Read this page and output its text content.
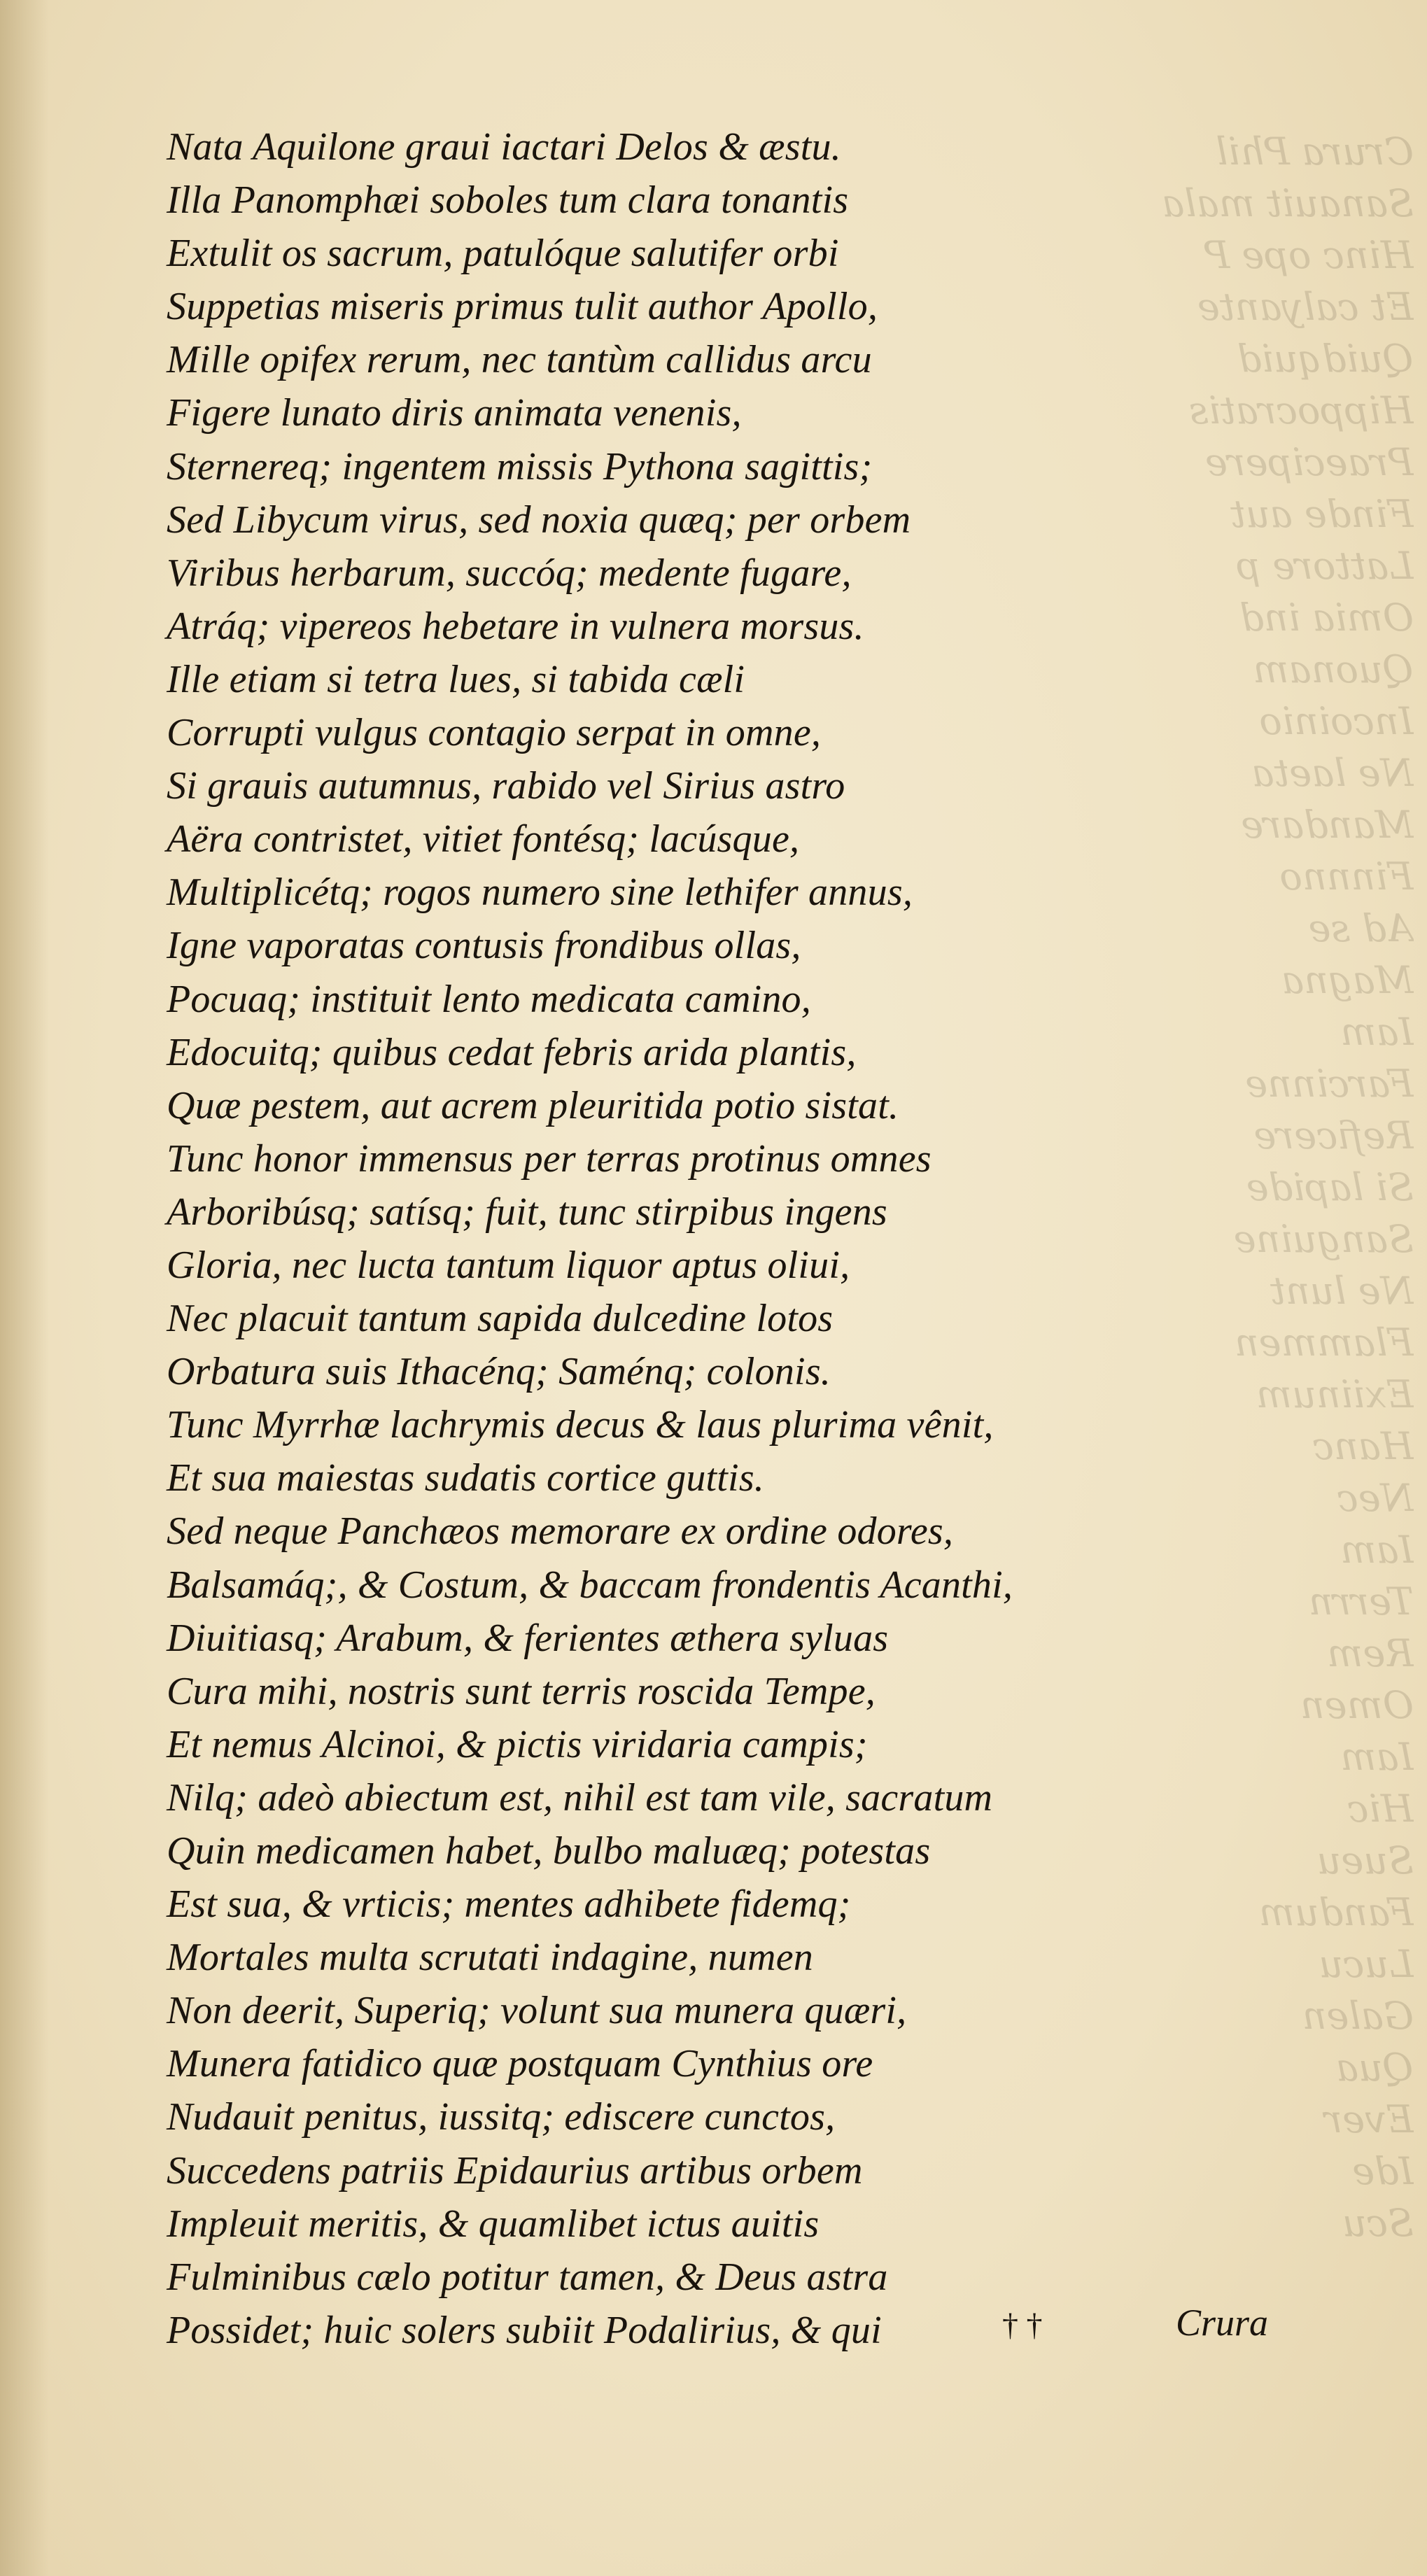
Crura Phil
Sanauit mala
Hinc ope P
Et calyante
Quidquid
Hippocratis
Praecipere
Finde aut
Lattore p
Omia ind
Quonam
Incoinio
Ne laeta
Mandare
Finnno
Ad se
Magna
Iam
Farcinne
Reficere
Si lapide
Sanguine
Ne lunt
Flammen
Exiinum
Hanc
Nec
Iam
Terrn
Rem
Omen
Iam
Hic
Sueu
Fandum
Lucu
Galen
Qua
Ever
Ide
Scu
Nata Aquilone graui iactari Delos & æstu.
Illa Panomphæi soboles tum clara tonantis
Extulit os sacrum, patulóque salutifer orbi
Suppetias miseris primus tulit author Apollo,
Mille opifex rerum, nec tantùm callidus arcu
Figere lunato diris animata venenis,
Sternereq; ingentem missis Pythona sagittis;
Sed Libycum virus, sed noxia quæq; per orbem
Viribus herbarum, succóq; medente fugare,
Atráq; vipereos hebetare in vulnera morsus.
Ille etiam si tetra lues, si tabida cæli
Corrupti vulgus contagio serpat in omne,
Si grauis autumnus, rabido vel Sirius astro
Aëra contristet, vitiet fontésq; lacúsque,
Multiplicétq; rogos numero sine lethifer annus,
Igne vaporatas contusis frondibus ollas,
Pocuaq; instituit lento medicata camino,
Edocuitq; quibus cedat febris arida plantis,
Quæ pestem, aut acrem pleuritida potio sistat.
Tunc honor immensus per terras protinus omnes
Arboribúsq; satísq; fuit, tunc stirpibus ingens
Gloria, nec lucta tantum liquor aptus oliui,
Nec placuit tantum sapida dulcedine lotos
Orbatura suis Ithacénq; Saménq; colonis.
Tunc Myrrhæ lachrymis decus & laus plurima vênit,
Et sua maiestas sudatis cortice guttis.
Sed neque Panchæos memorare ex ordine odores,
Balsamáq;, & Costum, & baccam frondentis Acanthi,
Diuitiasq; Arabum, & ferientes æthera syluas
Cura mihi, nostris sunt terris roscida Tempe,
Et nemus Alcinoi, & pictis viridaria campis;
Nilq; adeò abiectum est, nihil est tam vile, sacratum
Quin medicamen habet, bulbo maluæq; potestas
Est sua, & vrticis; mentes adhibete fidemq;
Mortales multa scrutati indagine, numen
Non deerit, Superiq; volunt sua munera quæri,
Munera fatidico quæ postquam Cynthius ore
Nudauit penitus, iussitq; ediscere cunctos,
Succedens patriis Epidaurius artibus orbem
Impleuit meritis, & quamlibet ictus auitis
Fulminibus cælo potitur tamen, & Deus astra
Possidet; huic solers subiit Podalirius, & qui	† †	Crura
